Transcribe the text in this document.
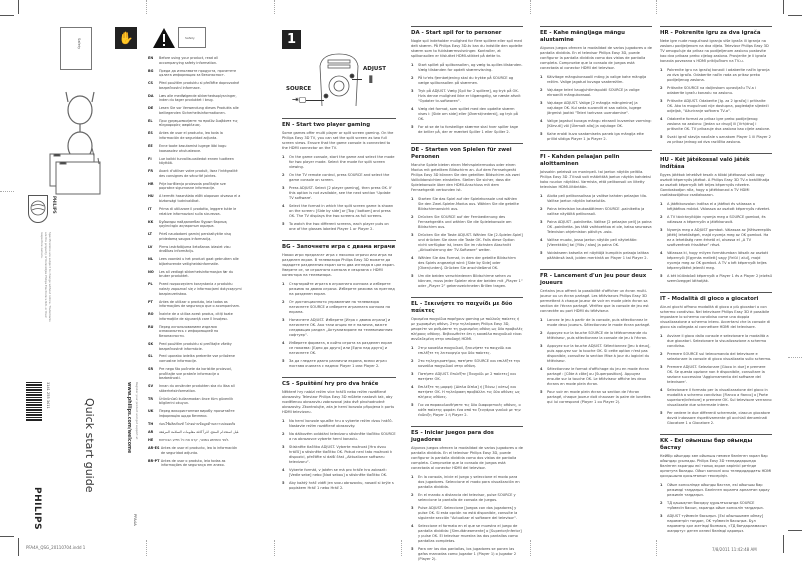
Safety
PHILIPS
Specifications are subject to change without notice. Trademarks are the property of Koninklijke Philips Electronics N.V. or their respective owners.
3141 255 3411
Quick start guide	www.philips.com/welcome Register your product and get support at
PHILIPS	PFA4A
PFA4A_QSG_20110704.indd 1
✋	Safety
EN	Before using your product, read all accompanying safety information.
BG	Преди да използвате продукта, прочетете цялата информация за безопасност.
CS	Před použitím produktu si přečtěte doprovodné bezpečnostní informace.
DA	Læs alle medfølgende sikkerhedsoplysninger, inden du tager produktet i brug.
DE	Lesen Sie vor Verwendung dieses Produkts alle beiliegenden Sicherheitsinformationen.
EL	Πριν χρησιμοποιήσετε το προϊόν διαβάστε τις πληροφορίες ασφάλειας.
ES	Antes de usar el producto, lea toda la información de seguridad adjunta.
EE	Enne toote kasutamist lugege läbi kogu kaasasolev ohutusteave.
FI	Lue kaikki turvallisuustiedot ennen tuotteen käyttöä.
FR	Avant d'utiliser votre produit, lisez l'intégralité des consignes de sécurité jointes.
HR	Prije korištenja proizvoda pročitajte sve popratne sigurnosne informacije.
HU	A termék használata előtt alaposan olvassa el a biztonsági tudnivalókat.
IT	Prima di utilizzare il prodotto, leggere tutte le relative informazioni sulla sicurezza.
KK	Бұйымды пайдаланбас бұрын барлық қауіпсіздік ақпаратын оқыңыз.
LT	Prieš naudodami gaminį perskaitykite visą pridedamą saugos informaciją.
LV	Pirms izstrādājuma lietošanas izlasiet visu drošības informāciju.
NL	Lees voordat u het product gaat gebruiken alle bijbehorende veiligheidsinformatie.
NO	Les all vedlagt sikkerhetsinformasjon før du bruker produktet.
PL	Przed rozpoczęciem korzystania z produktu należy zapoznać się z informacjami dotyczącymi bezpieczeństwa.
PT	Antes de utilizar o produto, leia todas as informações de segurança que o acompanham.
RO	Înainte de a utiliza acest produs, citiți toate informațiile de siguranță care îl însoțesc.
RU	Перед использованием изделия ознакомьтесь с информацией по безопасности.
SK	Pred použitím produktu si prečítajte všetky bezpečnostné informácie.
SL	Pred uporabo izdelka preberite vse priložene varnostne informacije.
SR	Pre nego što počnete da koristite proizvod, pročitajte sve prateće informacije o bezbednosti.
SV	Innan du använder produkten ska du läsa all säkerhetsinformation.
TR	Ürününüzü kullanmadan önce tüm güvenlik bilgilerini okuyun.
UK	Перед використанням виробу прочитайте інформацію щодо безпеки.
TH	ก่อนใช้ผลิตภัณฑ์ โปรดอ่านข้อมูลด้านความปลอดภัย
AR	قبل استخدام المنتج، اقرأ كافة معلومات السلامة المرفقة.
HE	לפני השימוש במוצר, קרא את כל מידע הבטיחות.
AR-ES Antes de usar el producto, lea la información de seguridad adjunta.
BR-PT Antes de usar o produto, leia todas as informações de segurança em anexo.
1
SOURCE
⇥▢
ADJUST
⫼
EN - Start two player gaming

Some games offer multi player or split screen gaming. On the Philips Easy 3D TV, you can set the split screen as two full screen views. Ensure that the game console is connected to the HDMI connector on the TV.

1 On the game console, start the game and select the mode for two player mode. Select the mode for split screen viewing.
2 On the TV remote control, press SOURCE and select the game console on screen.
3 Press ADJUST. Select [2 player gaming], then press OK. If this option is not available, see the next section 'Update TV software'.
4 Select the format in which the split screen game is shown on the screen: [Side by side] or [Top / bottom] and press OK. The TV displays the two screens as full screens.
5 To watch the two different screens, each player puts on one of the glasses labeled Player 1 or Player 2.
BG - Започнете игра с двама играчи

Някои игри предлагат игра с няколко играчи или игра на разделен екран. В телевизора Philips Easy 3D можете да зададете разделения екран като два изгледа в цял екран. Уверете се, че игралната конзола е свързана с HDMI конектора на телевизора.

1 Стартирайте играта в игралната конзола и изберете режима за двама играчи. Изберете режима за преглед на разделен екран.
2 От дистанционното управление на телевизора натиснете SOURCE и изберете игралната конзола на екрана.
3 Натиснете ADJUST. Изберете [Игра с двама играчи] и натиснете OK. Ако тази опция не е налична, вижте следващия раздел „Актуализиране на телевизионния софтуер“.
4 Изберете формата, в който играта за разделен екран се показва: [Едно до друго] или [Едно над друго] и натиснете OK.
5 За да гледате двата различни екрана, всеки играч поставя очилата с надпис Player 1 или Player 2.
CS - Spuštění hry pro dva hráče

Některé hry nabízí režim více hráčů nebo režim rozdělené obrazovky. Televizor Philips Easy 3D můžete nastavit tak, aby rozdělenou obrazovku zobrazoval jako dvě plnohodnotné obrazovky. Zkontrolujte, zda je herní konzola připojena k portu HDMI televizoru.

1 Na herní konzole spusťte hru a vyberte režim dvou hráčů. Nastavte režim rozdělené obrazovky.
2 Na dálkovém ovládání televizoru stiskněte tlačítko SOURCE a na obrazovce vyberte herní konzolu.
3 Stiskněte tlačítko ADJUST. Vyberte možnost [Hra dvou hráčů] a stiskněte tlačítko OK. Pokud není tato možnost k dispozici, přečtěte si další část „Aktualizace softwaru televizoru“.
4 Vyberte formát, v jakém se má pro hráče hra zobrazit: [Vedle sebe] nebo [Nad sebou] a stiskněte tlačítko OK.
5 Aby každý hráč viděl jen svou obrazovku, nasadí si brýle s popiskem Hráč 1 nebo Hráč 2.
DA - Start spil for to personer

Nogle spil indeholder mulighed for flere spillere eller spil med delt skærm. På Philips Easy 3D-tv kan du indstille den opdelte skærm som to fuldskærmsvisninger. Kontroller, at spilkonsollen er tilsluttet HDMI-stikket på dette tv.

1 Start spillet på spilkonsollen, og vælg to-spiller-tilstanden. Vælg tilstanden for opdelt skærmvisning.
2 På tv'ets fjernbetjening skal du trykke på SOURCE og vælge spilkonsollen på skærmen.
3 Tryk på ADJUST. Vælg [Spil for 2 spillere], og tryk på OK. Hvis denne mulighed ikke er tilgængelig, se næste afsnit "Opdater tv-softwaren".
4 Vælg det format, som spillet med den opdelte skærm vises i: [Side om side] eller [Øverst/nederst], og tryk på OK.
5 For at se de to forskellige skærme skal hver spiller tage de briller på, der er mærket Spiller 1 eller Spiller 2.
DE - Starten von Spielen für zwei Personen

Manche Spiele bieten einen Mehrspielermodus oder einen Modus mit geteiltem Bildschirm an. Auf dem Fernsehgerät Philips Easy 3D können Sie den geteilten Bildschirm als zwei Vollbildansichten einstellen. Stellen Sie sicher, dass die Spielekonsole über den HDMI-Anschluss mit dem Fernsehgerät verbunden ist.

1 Starten Sie das Spiel auf der Spielekonsole und wählen Sie den Zwei-Spieler-Modus aus. Wählen Sie die geteilte Bildschirmansicht aus.
2 Drücken Sie SOURCE auf der Fernbedienung des Fernsehgeräts und wählen Sie die Spielekonsole am Bildschirm aus.
3 Drücken Sie die Taste ADJUST. Wählen Sie [2-Spieler-Spiel] und drücken Sie dann die Taste OK. Falls diese Option nicht verfügbar ist, lesen Sie im nächsten Abschnitt „Aktualisierung der TV-Software“ weiter.
4 Wählen Sie das Format, in dem der geteilte Bildschirm des Spiels angezeigt wird: [Side by Side] oder [Oben/unten]. Drücken Sie anschließend OK.
5 Um die beiden verschiedenen Bildschirme sehen zu können, muss jeder Spieler eine der beiden mit „Player 1“ oder „Player 2“ gekennzeichneten Brillen tragen.
EL - Ξεκινήστε το παιχνίδι με δύο παίκτες

Ορισμένα παιχνίδια παρέχουν gaming με πολλούς παίκτες ή με χωρισμένη οθόνη. Στην τηλεόραση Philips Easy 3D, μπορείτε να ρυθμίσετε τη χωρισμένη οθόνη ως δύο προβολές πλήρους οθόνης. Βεβαιωθείτε ότι η κονσόλα παιχνιδιού είναι συνδεδεμένη στην υποδοχή HDMI.

1 Στην κονσόλα παιχνιδιού, ξεκινήστε το παιχνίδι και επιλέξτε τη λειτουργία για δύο παίκτες.
2 Στο τηλεχειριστήριο, πατήστε SOURCE και επιλέξτε την κονσόλα παιχνιδιού στην οθόνη.
3 Πατήστε ADJUST. Επιλέξτε [Παιχνίδι με 2 παίκτες] και πατήστε OK.
4 Επιλέξτε τη μορφή: [Δίπλα δίπλα] ή [Πάνω / κάτω] και πατήστε OK. Η τηλεόραση προβάλλει τις δύο οθόνες ως πλήρεις οθόνες.
5 Για να παρακολουθήσετε τις δύο διαφορετικές οθόνες, ο κάθε παίκτης φοράει ένα από τα ζευγάρια γυαλιά με την ένδειξη Player 1 ή Player 2.
ES - Iniciar juegos para dos jugadores

Algunos juegos ofrecen la modalidad de varios jugadores o de pantalla dividida. En el televisor Philips Easy 3D, puede configurar la pantalla dividida como dos vistas de pantalla completa. Compruebe que la consola de juegos está conectada al conector HDMI del televisor.

1 En la consola, inicie el juego y seleccione el modo para dos jugadores. Seleccione el modo para visualización en pantalla dividida.
2 En el mando a distancia del televisor, pulse SOURCE y seleccione la pantalla de consola de juegos.
3 Pulse ADJUST. Seleccione [Juegos con dos jugadores] y pulse OK. Si esta opción no está disponible, consulte la siguiente sección "Actualizar el software del televisor".
4 Seleccione el formato en el que se muestra el juego de pantalla dividida: [Simultáneamente] o [Superior/inferior] y pulse OK. El televisor muestra las dos pantallas como pantallas completas.
5 Para ver las dos pantallas, los jugadores se ponen las gafas marcadas como Jugador 1 (Player 1) o Jugador 2 (Player 2).
EE - Kahe mängijaga mängu alustamine

Algunos juegos ofrecen la modalidad de varios jugadores o de pantalla dividida. En el televisor Philips Easy 3D, puede configurar la pantalla dividida como dos vistas de pantalla completa. Compruebe que la consola de juegos está conectada al conector HDMI del televisor.

1 Käivitage mängukonsoolil mäng ja valige kahe mängija režiim. Valige jagatud kuvaga vaaterežiim.
2 Vajutage teleri kaugjuhtimispuldil SOURCE ja valige ekraanilt mängukonsool.
3 Vajutage ADJUST. Valige [2 mängija mängimine] ja vajutage OK. Kui seda suvandit ei saa valida, lugege järgmist jaotist "Teleri tarkvara uuendamine".
4 Valige jagatud kuvaga mängu ekraanil kuvamise vorming: [Kõrvuti] või [Ülemalt alla] ja vajutage OK.
5 Kahe eraldi kuva vaatamiseks paneb iga mängija ette prillid sildiga Player 1 ja Player 2.
FI - Kahden pelaajan pelin aloittaminen

Joissakin peleissä on moninpeli- tai jaetun näytön pelitila. Philips Easy 3D -TV:ssä voit määrittää jaetun näytön kahdeksi koko ruudun näytöksi. Varmista, että pelikonsoli on liitetty television HDMI-liitäntään.

1 Aloita peli pelikonsolissa ja valitse kahden pelaajan tila. Valitse jaetun näytön katselutila.
2 Paina television kaukosäätimen SOURCE -painiketta ja valitse näytöltä pelikonsoli.
3 Paina ADJUST -painiketta. Valitse [2 pelaajan peli] ja paina OK -painiketta. Jos tätä vaihtoehtoa ei ole, katso seuraava Television ohjelmiston päivitys -osio.
4 Valitse muoto, jossa jaetun näytön peli näytetään: [Vierekkäin] tai [Ylös / alas] ja paina OK.
5 Voidakseen katsella eri näyttöjä kumpikin pelaaja laittaa päähänsä lasit, joiden merkintä on Player 1 tai Player 2.
FR - Lancement d'un jeu pour deux joueurs

Certains jeux offrent la possibilité d'afficher un écran multi-joueur ou un écran partagé. Les téléviseurs Philips Easy 3D permettent à chaque joueur de voir en mode plein écran sa section de l'écran partagé. Vérifiez que la console de jeu est connectée au port HDMI du téléviseur.

1 Lancez le jeu à partir de la console, puis sélectionnez le mode deux joueurs. Sélectionnez le mode écran partagé.
2 Appuyez sur la touche SOURCE de la télécommande du téléviseur, puis sélectionnez la console de jeu à l'écran.
3 Appuyez sur la touche ADJUST. Sélectionnez [Jeu à deux], puis appuyez sur la touche OK. Si cette option n'est pas disponible, consultez la section Mise à jour du logiciel du téléviseur.
4 Sélectionnez le format d'affichage du jeu en mode écran partagé : [Côte à côte] ou [Superposition]. Appuyez ensuite sur la touche OK. Le téléviseur affiche les deux écrans en mode plein écran.
5 Pour voir en mode plein écran sa section de l'écran partagé, chaque joueur doit chausser la paire de lunettes qui lui correspond (Player 1 ou Player 2).
HR - Pokrenite igru za dva igrača

Neke igre nude mogućnost igranja više igrača ili igranja na zaslonu podijeljenom na dva dijela. Televizor Philips Easy 3D TV omogućuje da prikaz na podijeljenom zaslonu postavite kao dva prikaza preko cijelog zaslona. Provjerite je li igraća konzola povezana s HDMI priključkom na TV-u.

1 Pokrenite igru na igraćoj konzoli i odaberite način igranja za dva igrača. Odaberite način rada za prikaz preko podijeljenog zaslona.
2 Pritisnite SOURCE na daljinskom upravljaču TV-a i odaberite igraću konzolu na zaslonu.
3 Pritisnite ADJUST. Odaberite [Ig. za 2 igrača] i pritisnite OK. Ako ta mogućnost nije dostupna, pogledajte sljedeći odjeljak, "Ažuriranje softvera TV-a".
4 Odaberite format za prikaz igre preko podijeljenog zaslona na zaslonu: [Jedan uz drugi] ili [Vrh/dno] i pritisnite OK. TV prikazuje dva zaslona kao cijele zaslone.
5 Svaki igrač stavlja naočale s oznakom Player 1 ili Player 2 za prikaz jednog od dva različita zaslona.
HU - Két játékossal való játék indítása

Egyes játékok lehetővé teszik a többi játékossal való vagy osztott képernyős játékot. A Philips Easy 3D TV-n beállíthatja az osztott képernyőt két teljes képernyős nézetre. Gondoskodjon róla, hogy a játékkonzol a TV HDMI csatlakozójához csatlakozzon.

1 A játékkonzolon indítsa el a játékot és válassza a kétjátékos módot. Válassza az osztott képernyős nézetet.
2 A TV távirányítóján nyomja meg a SOURCE gombot, és válassza a képernyőn a játékkonzolt.
3 Nyomja meg a ADJUST gombot. Válassza az [Kétszereplős játék] lehetőséget, majd nyomja meg az OK gombot. Ha ez a lehetőség nem érhető el, olvassa el „A TV szoftverének frissítése” részt.
4 Válassza ki, hogy milyen formátumban látszik az osztott képernyő: [Egymás mellett] vagy [Felül / alul], majd nyomja meg az OK gombot. A TV a két képernyőt teljes képernyőként jeleníti meg.
5 A két különböző képernyőt a Player 1 és a Player 2 jelzésű szemüveggel láthatják.
IT - Modalità di gioco a giocatori

Alcuni giochi offrono modalità di gioco a più giocatori o con schermo condiviso. Nel televisore Philips Easy 3D è possibile impostare lo schermo condiviso come una doppia visualizzazione a schermo intero. Accertarsi che la console di gioco sia collegata al connettore HDMI del televisore.

1 Avviare il gioco dalla console e selezionare la modalità a due giocatori. Selezionare la visualizzazione a schermo condiviso.
2 Premere SOURCE sul telecomando del televisore e selezionare la console di gioco visualizzata sullo schermo.
3 Premere ADJUST. Selezionare [Gioco in due] e premere OK. Se questa opzione non è disponibile, consultare la sezione successiva 'Aggiornamento del software del televisore'.
4 Selezionare il formato per la visualizzazione del gioco in modalità a schermo condiviso: [Fianco a fianco] o [Parte superiore/inferiore] e premere OK. Sul televisore verranno visualizzate due schermate intere.
5 Per vedere le due differenti schermate, ciascun giocatore dovrà indossare rispettivamente gli occhiali denominati Giocatore 1 o Giocatore 2.
KK - Екі ойыншы бар ойынды бастау

Кейбір ойындар көп ойыншы немесе бөлінген экран бар ойындар ұсынады. Philips Easy 3D теледидарында бөлінген экранды екі толық экран көрінісі ретінде орнатуға болады. Ойын консолі осы теледидардағы HDMI қосқышына қосылғанын тексеріңіз.

1 Ойын консолінде ойынды бастап, екі ойыншы бар режимді таңдаңыз. Бөлінген экранға арналған қарау режимін таңдаңыз.
2 ТД қашықтан басқару құрылғысында SOURCE түймесін басып, экранда ойын консолін таңдаңыз.
3 ADJUST түймесін басыңыз. [Екі ойыншымен ойнау] параметрін таңдап, OK түймесін басыңыз. Бұл параметр қол жетімді болмаса, «ТД бағдарламасын жаңарту» деген келесі бөлімді қараңыз.
7/8/2011 11:42:48 AM
